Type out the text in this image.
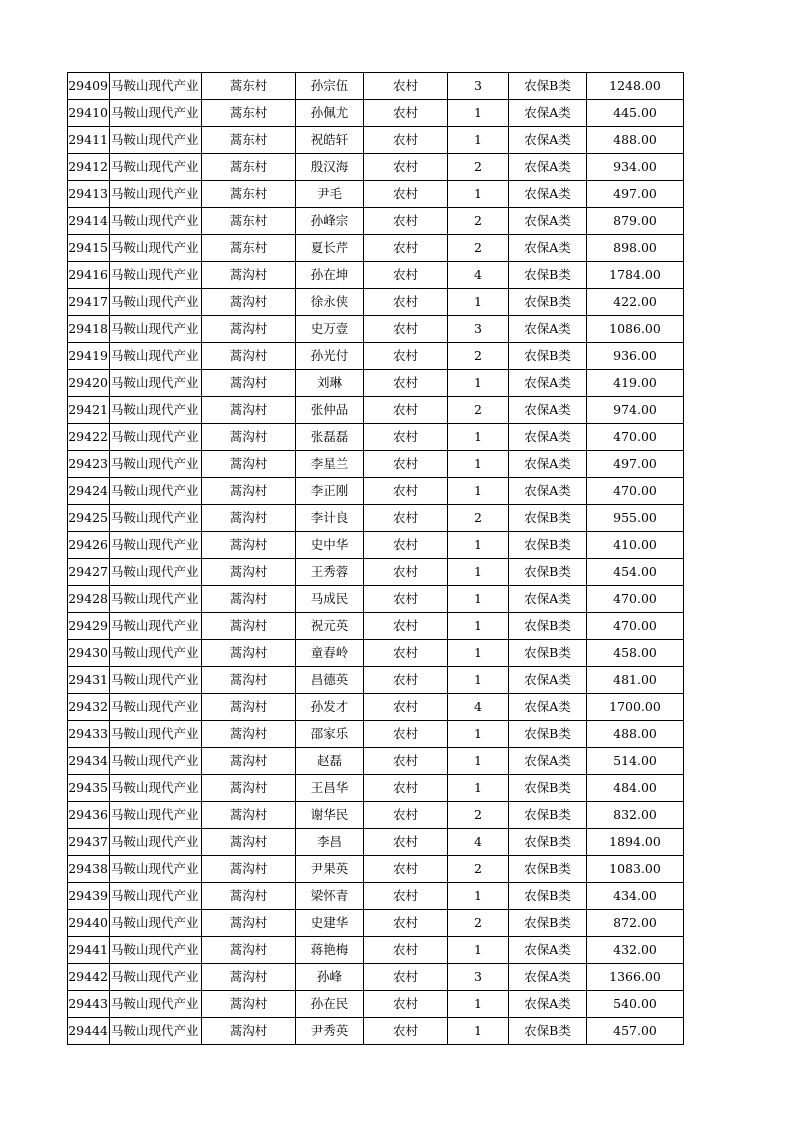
29409	马鞍山现代产业	蒿东村	孙宗伍	农村	3	农保B类	1248.00
29410	马鞍山现代产业	蒿东村	孙佩尤	农村	1	农保A类	445.00
29411	马鞍山现代产业	蒿东村	祝皓轩	农村	1	农保A类	488.00
29412	马鞍山现代产业	蒿东村	殷汉海	农村	2	农保A类	934.00
29413	马鞍山现代产业	蒿东村	尹毛	农村	1	农保A类	497.00
29414	马鞍山现代产业	蒿东村	孙峰宗	农村	2	农保A类	879.00
29415	马鞍山现代产业	蒿东村	夏长芹	农村	2	农保A类	898.00
29416	马鞍山现代产业	蒿沟村	孙在坤	农村	4	农保B类	1784.00
29417	马鞍山现代产业	蒿沟村	徐永侠	农村	1	农保B类	422.00
29418	马鞍山现代产业	蒿沟村	史万壹	农村	3	农保A类	1086.00
29419	马鞍山现代产业	蒿沟村	孙光付	农村	2	农保B类	936.00
29420	马鞍山现代产业	蒿沟村	刘琳	农村	1	农保A类	419.00
29421	马鞍山现代产业	蒿沟村	张仲品	农村	2	农保A类	974.00
29422	马鞍山现代产业	蒿沟村	张磊磊	农村	1	农保A类	470.00
29423	马鞍山现代产业	蒿沟村	李星兰	农村	1	农保A类	497.00
29424	马鞍山现代产业	蒿沟村	李正刚	农村	1	农保A类	470.00
29425	马鞍山现代产业	蒿沟村	李计良	农村	2	农保B类	955.00
29426	马鞍山现代产业	蒿沟村	史中华	农村	1	农保B类	410.00
29427	马鞍山现代产业	蒿沟村	王秀蓉	农村	1	农保B类	454.00
29428	马鞍山现代产业	蒿沟村	马成民	农村	1	农保A类	470.00
29429	马鞍山现代产业	蒿沟村	祝元英	农村	1	农保B类	470.00
29430	马鞍山现代产业	蒿沟村	童春岭	农村	1	农保B类	458.00
29431	马鞍山现代产业	蒿沟村	昌德英	农村	1	农保A类	481.00
29432	马鞍山现代产业	蒿沟村	孙发才	农村	4	农保A类	1700.00
29433	马鞍山现代产业	蒿沟村	邵家乐	农村	1	农保B类	488.00
29434	马鞍山现代产业	蒿沟村	赵磊	农村	1	农保A类	514.00
29435	马鞍山现代产业	蒿沟村	王昌华	农村	1	农保B类	484.00
29436	马鞍山现代产业	蒿沟村	谢华民	农村	2	农保B类	832.00
29437	马鞍山现代产业	蒿沟村	李昌	农村	4	农保B类	1894.00
29438	马鞍山现代产业	蒿沟村	尹果英	农村	2	农保B类	1083.00
29439	马鞍山现代产业	蒿沟村	梁怀青	农村	1	农保B类	434.00
29440	马鞍山现代产业	蒿沟村	史建华	农村	2	农保B类	872.00
29441	马鞍山现代产业	蒿沟村	蒋艳梅	农村	1	农保A类	432.00
29442	马鞍山现代产业	蒿沟村	孙峰	农村	3	农保A类	1366.00
29443	马鞍山现代产业	蒿沟村	孙在民	农村	1	农保A类	540.00
29444	马鞍山现代产业	蒿沟村	尹秀英	农村	1	农保B类	457.00
